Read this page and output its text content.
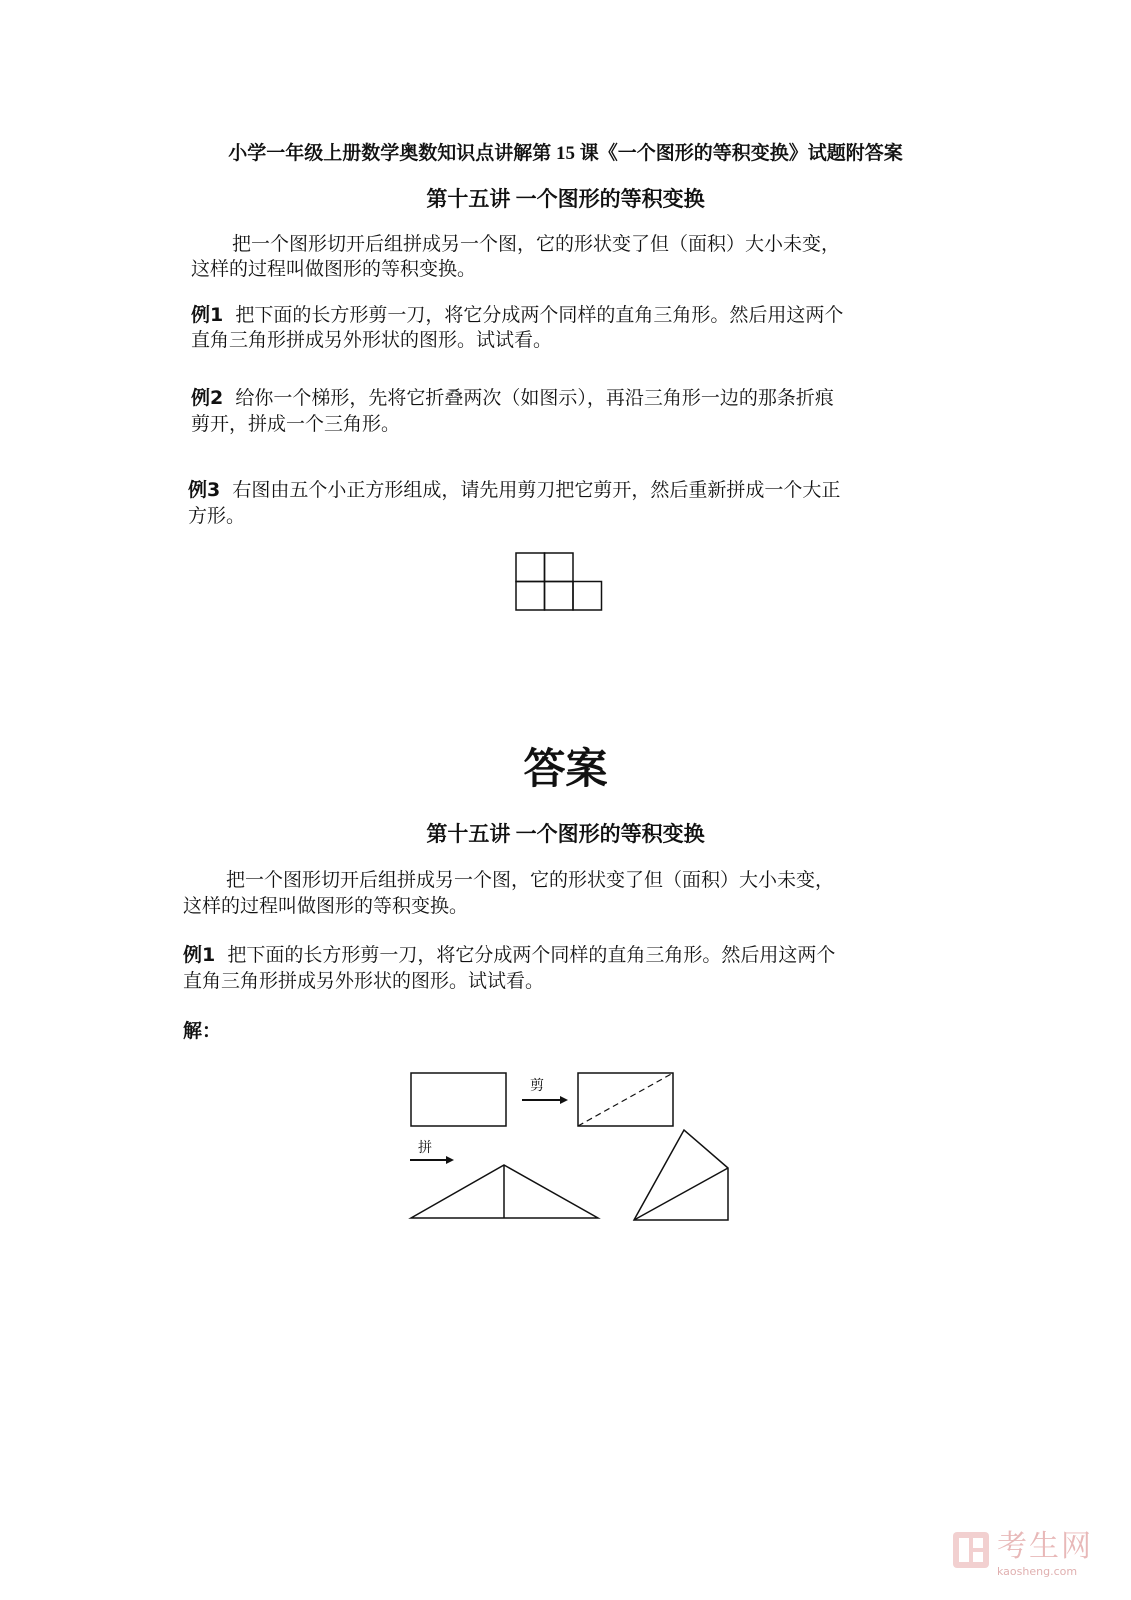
小学一年级上册数学奥数知识点讲解第 15 课《一个图形的等积变换》试题附答案
第十五讲 一个图形的等积变换
把一个图形切开后组拼成另一个图，它的形状变了但（面积）大小未变，
这样的过程叫做图形的等积变换。
例1 把下面的长方形剪一刀，将它分成两个同样的直角三角形。然后用这两个
直角三角形拼成另外形状的图形。试试看。
例2 给你一个梯形，先将它折叠两次（如图示），再沿三角形一边的那条折痕
剪开，拼成一个三角形。
例3 右图由五个小正方形组成，请先用剪刀把它剪开，然后重新拼成一个大正
方形。
答案
第十五讲 一个图形的等积变换
把一个图形切开后组拼成另一个图，它的形状变了但（面积）大小未变，
这样的过程叫做图形的等积变换。
例1 把下面的长方形剪一刀，将它分成两个同样的直角三角形。然后用这两个
直角三角形拼成另外形状的图形。试试看。
解：
剪
拼
考生网
kaosheng.com
